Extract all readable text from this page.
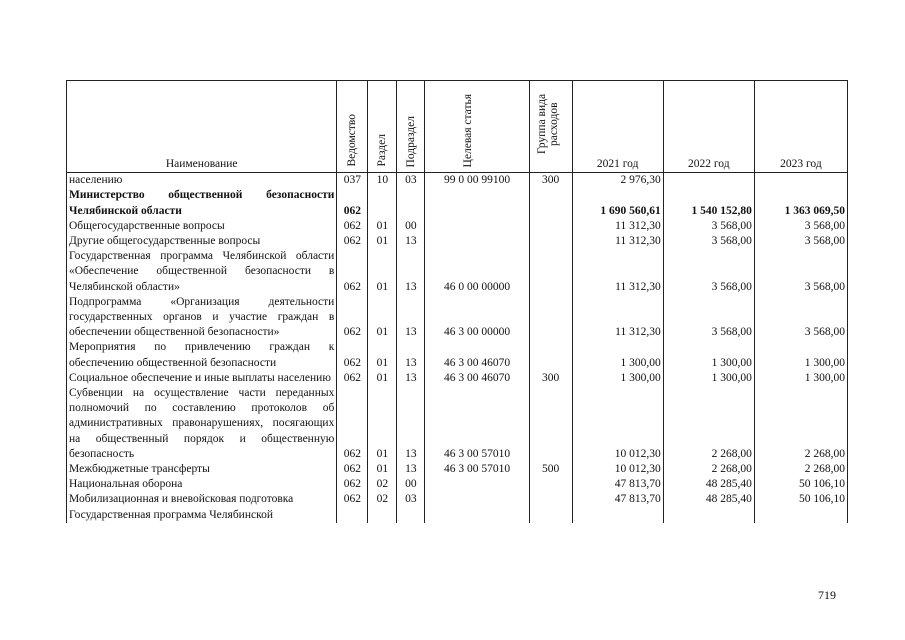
Наименование	Ведомство	Раздел	Подраздел	Целевая статья	Группа вида расходов	2021 год	2022 год	2023 год
населению	037	10	03	99 0 00 99100	300	2 976,30		
Министерство общественной безопасности Челябинской области	062					1 690 560,61	1 540 152,80	1 363 069,50
Общегосударственные вопросы	062	01	00			11 312,30	3 568,00	3 568,00
Другие общегосударственные вопросы	062	01	13			11 312,30	3 568,00	3 568,00
Государственная программа Челябинской области «Обеспечение общественной безопасности в Челябинской области»	062	01	13	46 0 00 00000		11 312,30	3 568,00	3 568,00
Подпрограмма «Организация деятельности государственных органов и участие граждан в обеспечении общественной безопасности»	062	01	13	46 3 00 00000		11 312,30	3 568,00	3 568,00
Мероприятия по привлечению граждан к обеспечению общественной безопасности	062	01	13	46 3 00 46070		1 300,00	1 300,00	1 300,00
Социальное обеспечение и иные выплаты населению	062	01	13	46 3 00 46070	300	1 300,00	1 300,00	1 300,00
Субвенции на осуществление части переданных полномочий по составлению протоколов об административных правонарушениях, посягающих на общественный порядок и общественную безопасность	062	01	13	46 3 00 57010		10 012,30	2 268,00	2 268,00
Межбюджетные трансферты	062	01	13	46 3 00 57010	500	10 012,30	2 268,00	2 268,00
Национальная оборона	062	02	00			47 813,70	48 285,40	50 106,10
Мобилизационная и вневойсковая подготовка	062	02	03			47 813,70	48 285,40	50 106,10
Государственная программа Челябинской								
719
